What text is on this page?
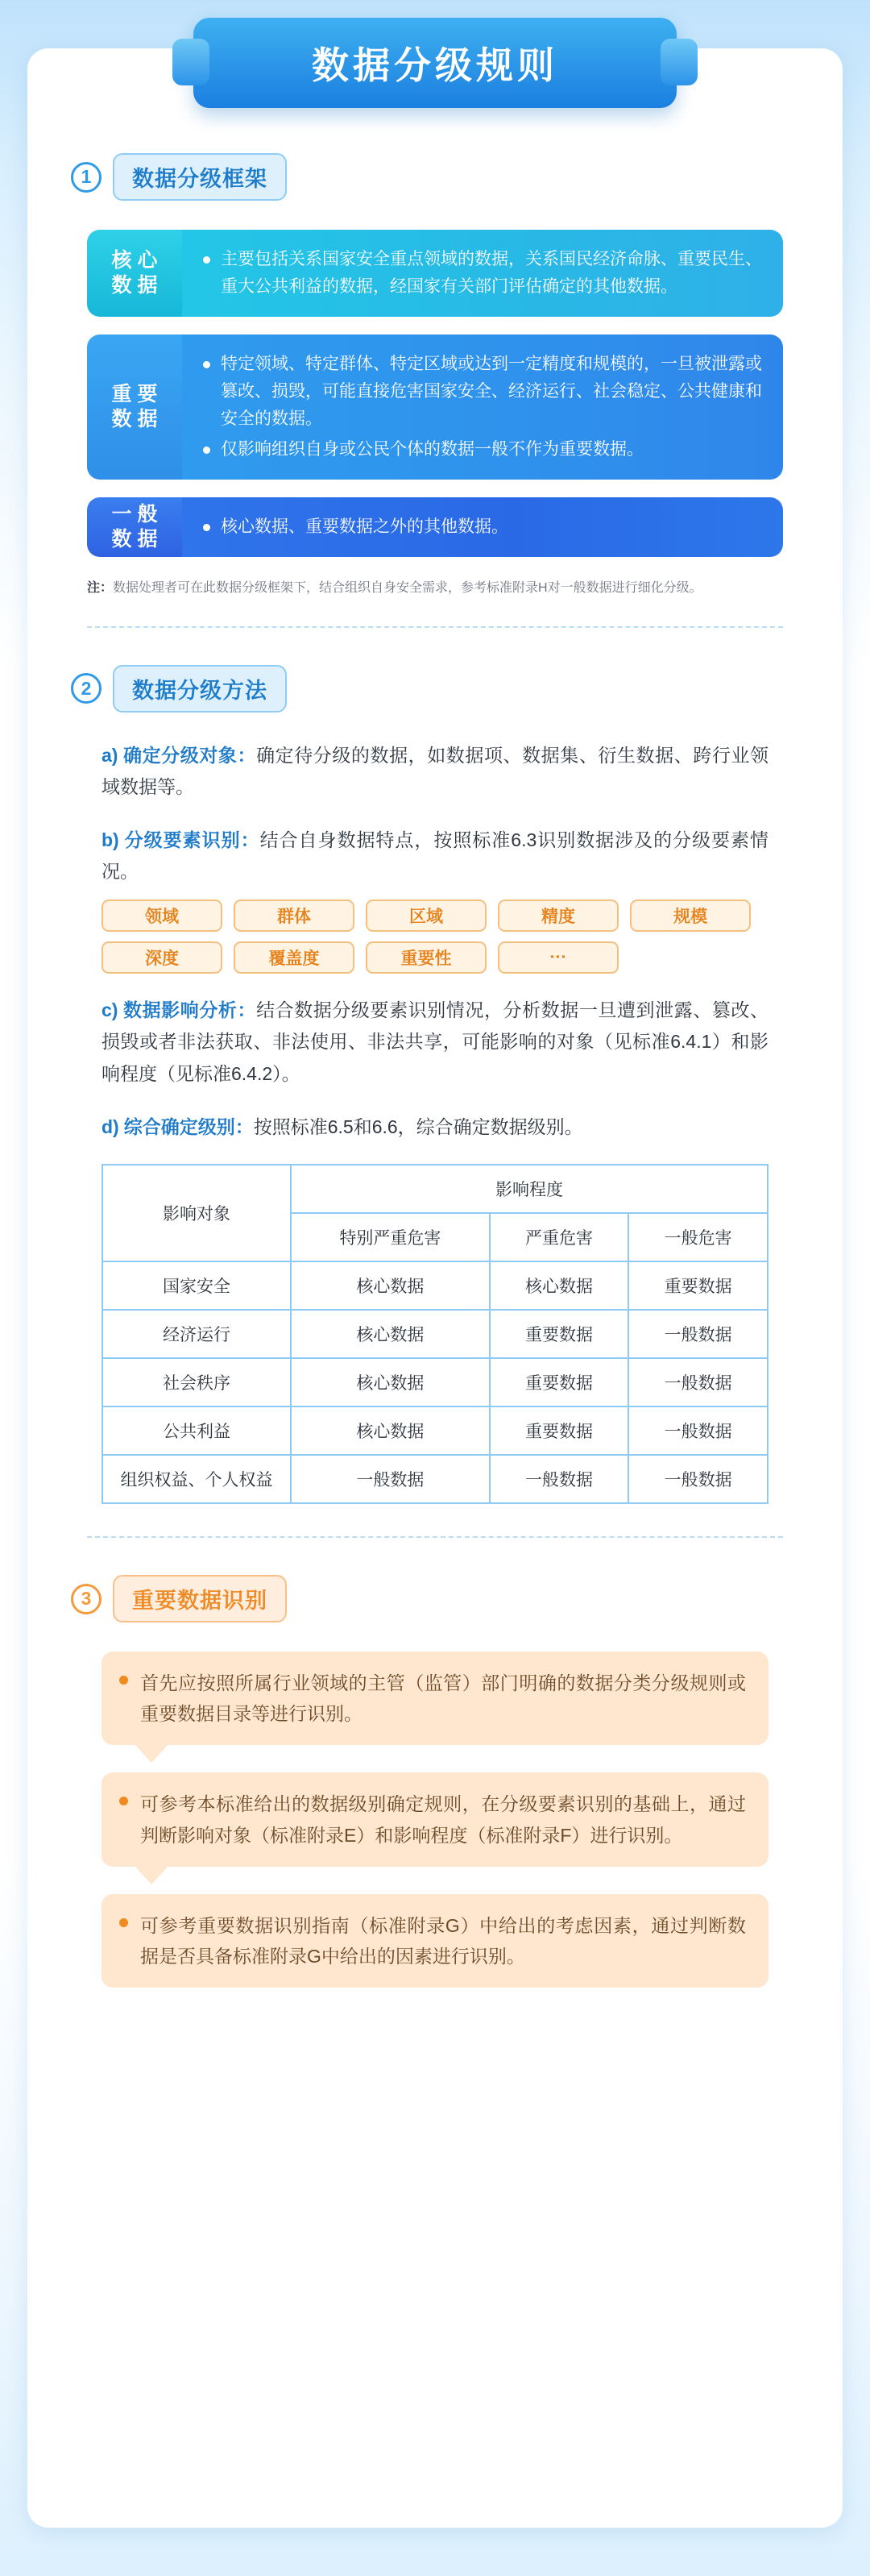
数据分级规则
1	数据分级框架
核 心
数 据
主要包括关系国家安全重点领域的数据，关系国民经济命脉、重要民生、重大公共利益的数据，经国家有关部门评估确定的其他数据。
重 要
数 据
特定领域、特定群体、特定区域或达到一定精度和规模的，一旦被泄露或篡改、损毁，可能直接危害国家安全、经济运行、社会稳定、公共健康和安全的数据。
仅影响组织自身或公民个体的数据一般不作为重要数据。
一 般
数 据
核心数据、重要数据之外的其他数据。
注：数据处理者可在此数据分级框架下，结合组织自身安全需求，参考标准附录H对一般数据进行细化分级。
2	数据分级方法
a) 确定分级对象：确定待分级的数据，如数据项、数据集、衍生数据、跨行业领域数据等。
b) 分级要素识别：结合自身数据特点，按照标准6.3识别数据涉及的分级要素情况。
领域	群体	区域	精度	规模
深度	覆盖度	重要性	···
c) 数据影响分析：结合数据分级要素识别情况，分析数据一旦遭到泄露、篡改、损毁或者非法获取、非法使用、非法共享，可能影响的对象（见标准6.4.1）和影响程度（见标准6.4.2）。
d) 综合确定级别：按照标准6.5和6.6，综合确定数据级别。
影响对象	影响程度		
	特别严重危害	严重危害	一般危害
国家安全	核心数据	核心数据	重要数据
经济运行	核心数据	重要数据	一般数据
社会秩序	核心数据	重要数据	一般数据
公共利益	核心数据	重要数据	一般数据
组织权益、个人权益	一般数据	一般数据	一般数据
3	重要数据识别
首先应按照所属行业领域的主管（监管）部门明确的数据分类分级规则或重要数据目录等进行识别。
可参考本标准给出的数据级别确定规则，在分级要素识别的基础上，通过判断影响对象（标准附录E）和影响程度（标准附录F）进行识别。
可参考重要数据识别指南（标准附录G）中给出的考虑因素，通过判断数据是否具备标准附录G中给出的因素进行识别。
